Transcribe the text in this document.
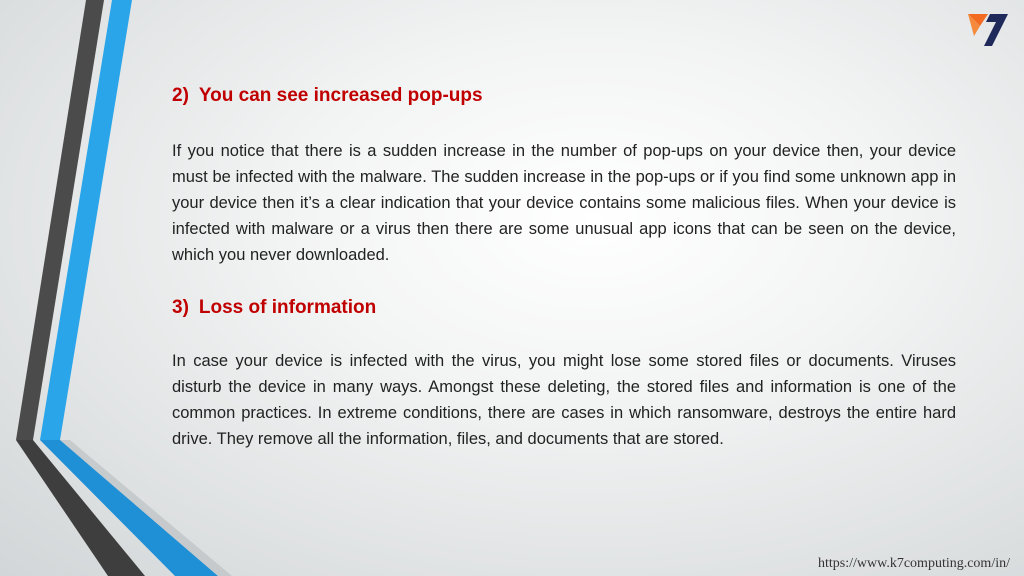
2) You can see increased pop-ups

If you notice that there is a sudden increase in the number of pop-ups on your device then, your device must be infected with the malware. The sudden increase in the pop-ups or if you find some unknown app in your device then it’s a clear indication that your device contains some malicious files. When your device is infected with malware or a virus then there are some unusual app icons that can be seen on the device, which you never downloaded.

3) Loss of information

In case your device is infected with the virus, you might lose some stored files or documents. Viruses disturb the device in many ways. Amongst these deleting, the stored files and information is one of the common practices. In extreme conditions, there are cases in which ransomware, destroys the entire hard drive. They remove all the information, files, and documents that are stored.

https://www.k7computing.com/in/
